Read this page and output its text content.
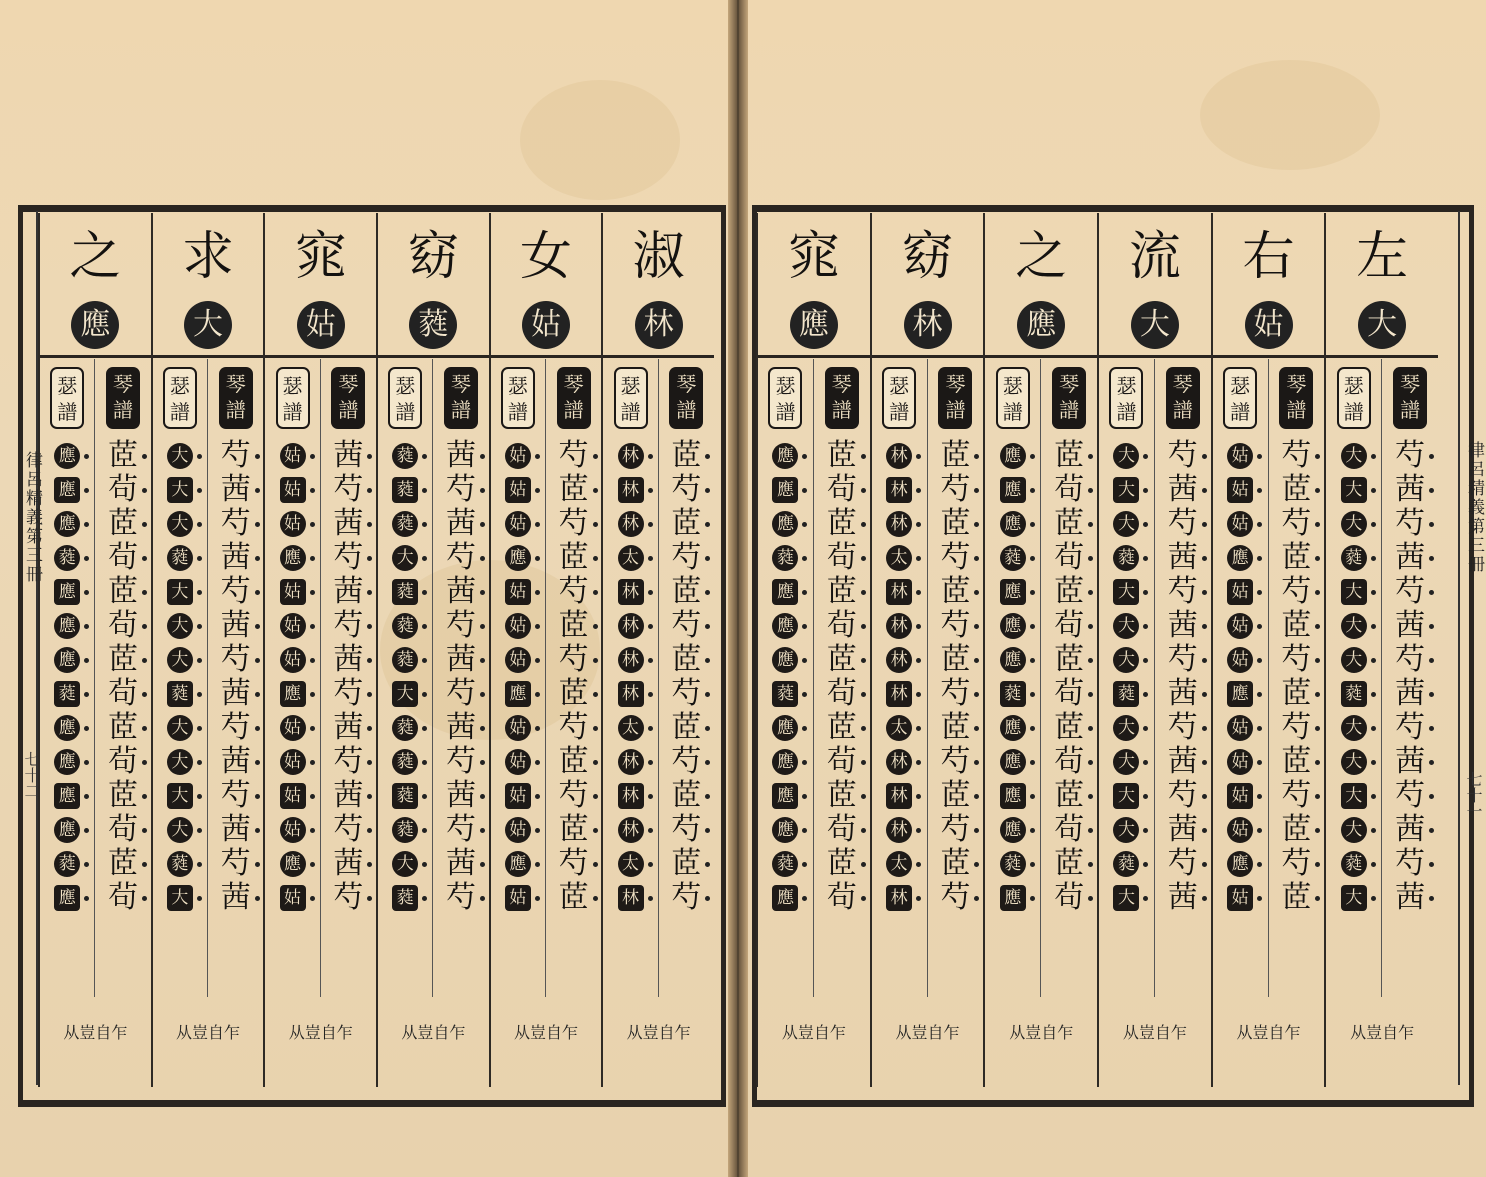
律呂精義第三冊
七十二
律呂精義第三冊
七十一
淑
林
琴譜
茝
芍
茝
芍
茝
芍
茝
芍
茝
芍
茝
芍
茝
芍
瑟譜
林
林
林
太
林
林
林
林
太
林
林
林
太
林
从豈自乍
女
姑
琴譜
芍
茝
芍
茝
芍
茝
芍
茝
芍
茝
芍
茝
芍
茝
瑟譜
姑
姑
姑
應
姑
姑
姑
應
姑
姑
姑
姑
應
姑
从豈自乍
窈
蕤
琴譜
茜
芍
茜
芍
茜
芍
茜
芍
茜
芍
茜
芍
茜
芍
瑟譜
蕤
蕤
蕤
大
蕤
蕤
蕤
大
蕤
蕤
蕤
蕤
大
蕤
从豈自乍
窕
姑
琴譜
茜
芍
茜
芍
茜
芍
茜
芍
茜
芍
茜
芍
茜
芍
瑟譜
姑
姑
姑
應
姑
姑
姑
應
姑
姑
姑
姑
應
姑
从豈自乍
求
大
琴譜
芍
茜
芍
茜
芍
茜
芍
茜
芍
茜
芍
茜
芍
茜
瑟譜
大
大
大
蕤
大
大
大
蕤
大
大
大
大
蕤
大
从豈自乍
之
應
琴譜
茝
茍
茝
茍
茝
茍
茝
茍
茝
茍
茝
茍
茝
茍
瑟譜
應
應
應
蕤
應
應
應
蕤
應
應
應
應
蕤
應
从豈自乍
左
大
琴譜
芍
茜
芍
茜
芍
茜
芍
茜
芍
茜
芍
茜
芍
茜
瑟譜
大
大
大
蕤
大
大
大
蕤
大
大
大
大
蕤
大
从豈自乍
右
姑
琴譜
芍
茝
芍
茝
芍
茝
芍
茝
芍
茝
芍
茝
芍
茝
瑟譜
姑
姑
姑
應
姑
姑
姑
應
姑
姑
姑
姑
應
姑
从豈自乍
流
大
琴譜
芍
茜
芍
茜
芍
茜
芍
茜
芍
茜
芍
茜
芍
茜
瑟譜
大
大
大
蕤
大
大
大
蕤
大
大
大
大
蕤
大
从豈自乍
之
應
琴譜
茝
茍
茝
茍
茝
茍
茝
茍
茝
茍
茝
茍
茝
茍
瑟譜
應
應
應
蕤
應
應
應
蕤
應
應
應
應
蕤
應
从豈自乍
窈
林
琴譜
茝
芍
茝
芍
茝
芍
茝
芍
茝
芍
茝
芍
茝
芍
瑟譜
林
林
林
太
林
林
林
林
太
林
林
林
太
林
从豈自乍
窕
應
琴譜
茝
茍
茝
茍
茝
茍
茝
茍
茝
茍
茝
茍
茝
茍
瑟譜
應
應
應
蕤
應
應
應
蕤
應
應
應
應
蕤
應
从豈自乍
